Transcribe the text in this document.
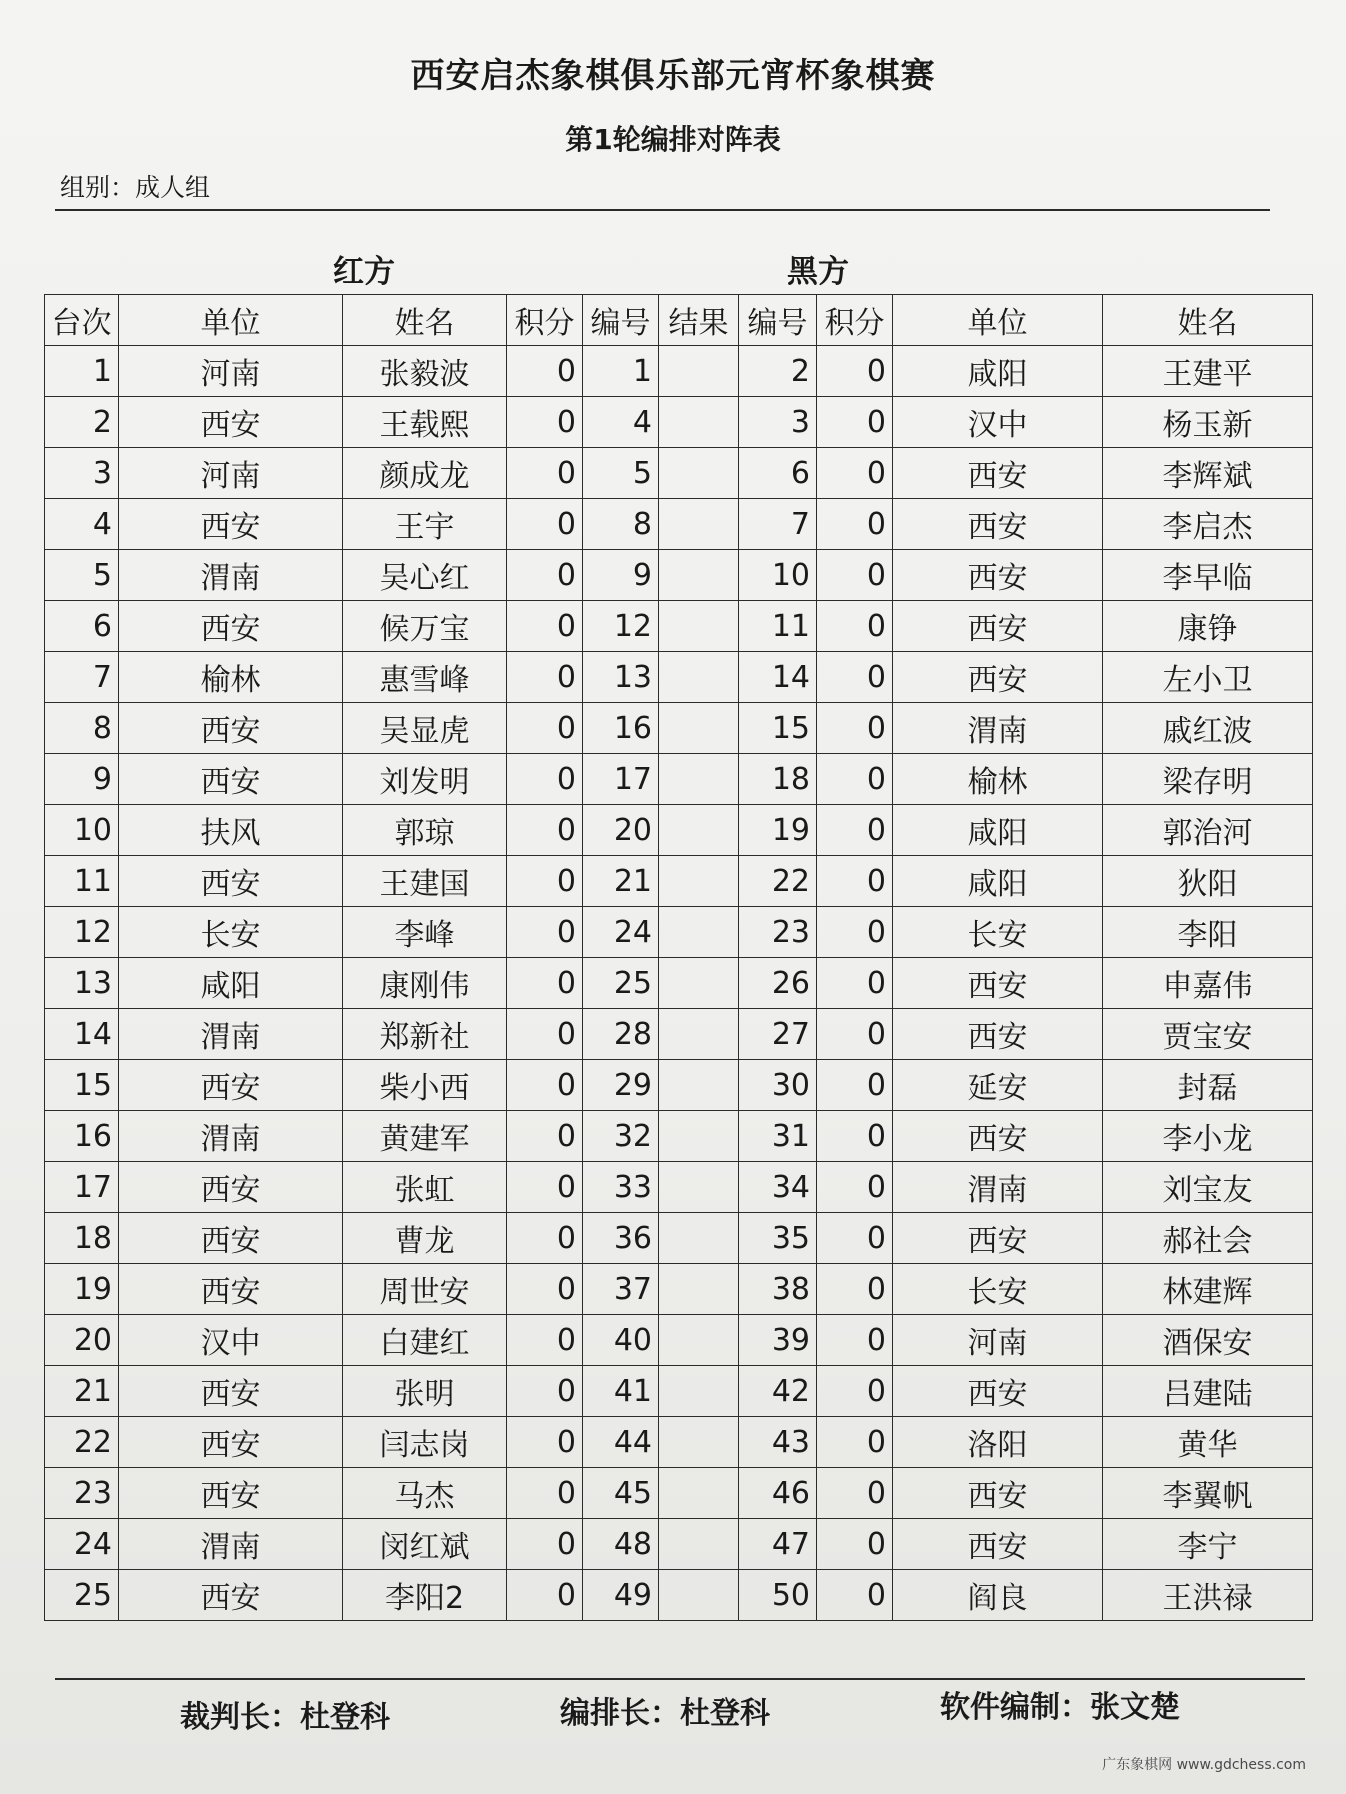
西安启杰象棋俱乐部元宵杯象棋赛
第1轮编排对阵表
组别：成人组
红方	黑方
台次	单位	姓名	积分	编号	结果	编号	积分	单位	姓名
1	河南	张毅波	0	1		2	0	咸阳	王建平
2	西安	王载熙	0	4		3	0	汉中	杨玉新
3	河南	颜成龙	0	5		6	0	西安	李辉斌
4	西安	王宇	0	8		7	0	西安	李启杰
5	渭南	吴心红	0	9		10	0	西安	李早临
6	西安	候万宝	0	12		11	0	西安	康铮
7	榆林	惠雪峰	0	13		14	0	西安	左小卫
8	西安	吴显虎	0	16		15	0	渭南	戚红波
9	西安	刘发明	0	17		18	0	榆林	梁存明
10	扶风	郭琼	0	20		19	0	咸阳	郭治河
11	西安	王建国	0	21		22	0	咸阳	狄阳
12	长安	李峰	0	24		23	0	长安	李阳
13	咸阳	康刚伟	0	25		26	0	西安	申嘉伟
14	渭南	郑新社	0	28		27	0	西安	贾宝安
15	西安	柴小西	0	29		30	0	延安	封磊
16	渭南	黄建军	0	32		31	0	西安	李小龙
17	西安	张虹	0	33		34	0	渭南	刘宝友
18	西安	曹龙	0	36		35	0	西安	郝社会
19	西安	周世安	0	37		38	0	长安	林建辉
20	汉中	白建红	0	40		39	0	河南	酒保安
21	西安	张明	0	41		42	0	西安	吕建陆
22	西安	闫志岗	0	44		43	0	洛阳	黄华
23	西安	马杰	0	45		46	0	西安	李翼帆
24	渭南	闵红斌	0	48		47	0	西安	李宁
25	西安	李阳2	0	49		50	0	阎良	王洪禄
裁判长：杜登科	编排长：杜登科	软件编制：张文楚
广东象棋网 www.gdchess.com
